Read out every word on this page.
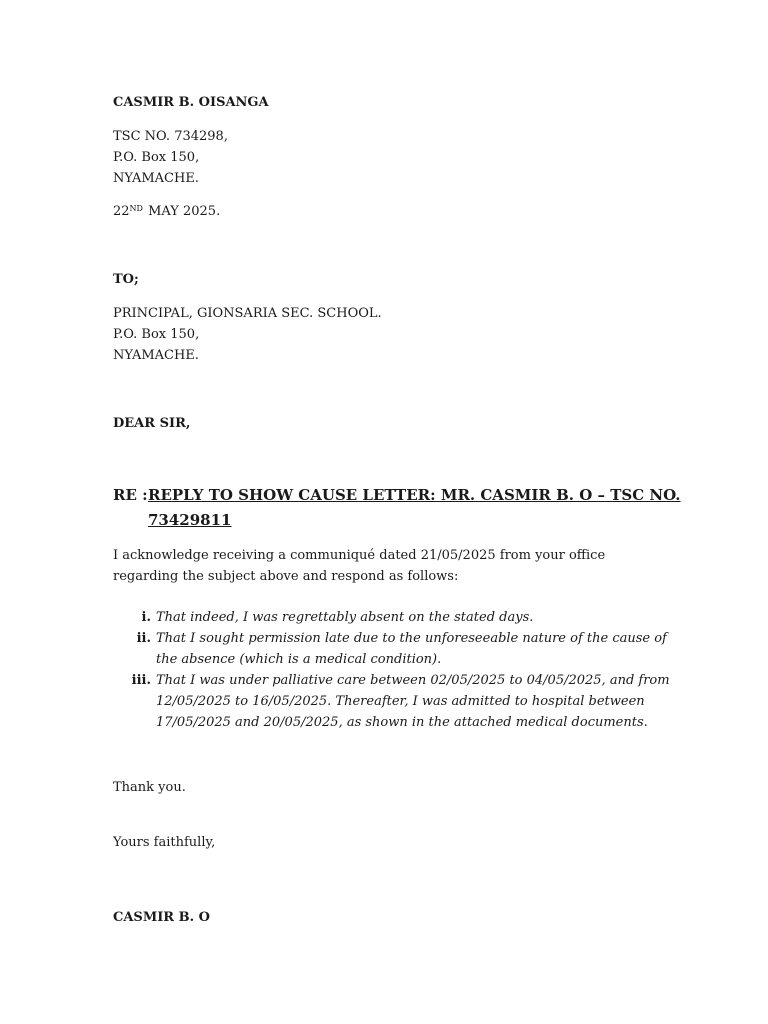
CASMIR B. OISANGA
TSC NO. 734298,
P.O. Box 150,
NYAMACHE.
22ND MAY 2025.
TO;
PRINCIPAL, GIONSARIA SEC. SCHOOL.
P.O. Box 150,
NYAMACHE.
DEAR SIR,
RE : REPLY TO SHOW CAUSE LETTER: MR. CASMIR B. O – TSC NO.
73429811
I acknowledge receiving a communiqué dated 21/05/2025 from your office
regarding the subject above and respond as follows:
i. That indeed, I was regrettably absent on the stated days.
ii. That I sought permission late due to the unforeseeable nature of the cause of
the absence (which is a medical condition).
iii. That I was under palliative care between 02/05/2025 to 04/05/2025, and from
12/05/2025 to 16/05/2025. Thereafter, I was admitted to hospital between
17/05/2025 and 20/05/2025, as shown in the attached medical documents.
Thank you.
Yours faithfully,
CASMIR B. O
